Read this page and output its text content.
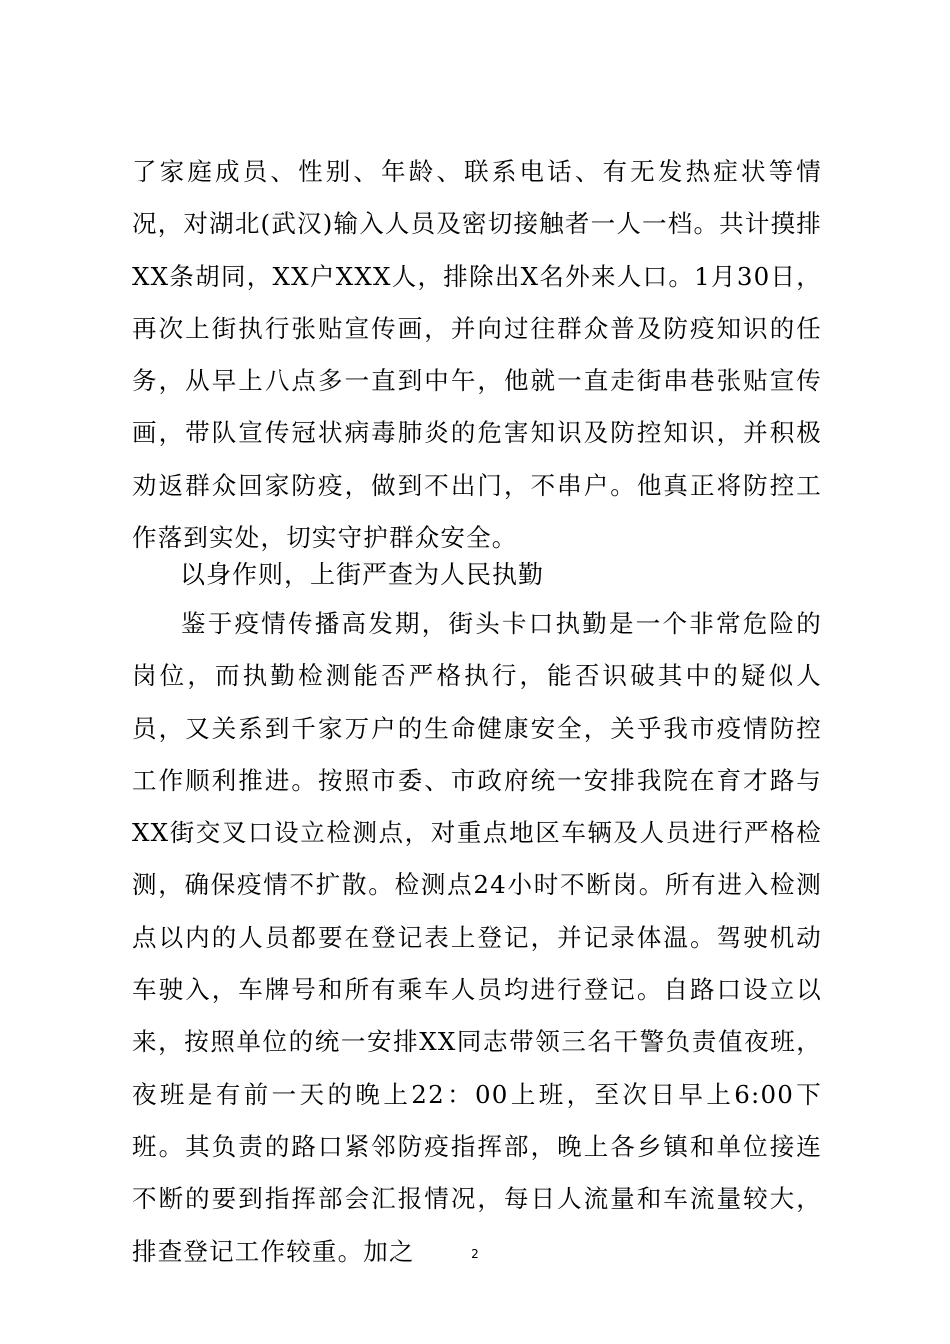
了家庭成员、性别、年龄、联系电话、有无发热症状等情况，对湖北(武汉)输入人员及密切接触者一人一档。共计摸排XX条胡同，XX户XXX人，排除出X名外来人口。1月30日，再次上街执行张贴宣传画，并向过往群众普及防疫知识的任务，从早上八点多一直到中午，他就一直走街串巷张贴宣传画，带队宣传冠状病毒肺炎的危害知识及防控知识，并积极劝返群众回家防疫，做到不出门，不串户。他真正将防控工作落到实处，切实守护群众安全。

以身作则，上街严查为人民执勤

鉴于疫情传播高发期，街头卡口执勤是一个非常危险的岗位，而执勤检测能否严格执行，能否识破其中的疑似人员，又关系到千家万户的生命健康安全，关乎我市疫情防控工作顺利推进。按照市委、市政府统一安排我院在育才路与XX街交叉口设立检测点，对重点地区车辆及人员进行严格检测，确保疫情不扩散。检测点24小时不断岗。所有进入检测点以内的人员都要在登记表上登记，并记录体温。驾驶机动车驶入，车牌号和所有乘车人员均进行登记。自路口设立以来，按照单位的统一安排XX同志带领三名干警负责值夜班，夜班是有前一天的晚上22：00上班，至次日早上6:00下班。其负责的路口紧邻防疫指挥部，晚上各乡镇和单位接连不断的要到指挥部会汇报情况，每日人流量和车流量较大，排查登记工作较重。加之	2
